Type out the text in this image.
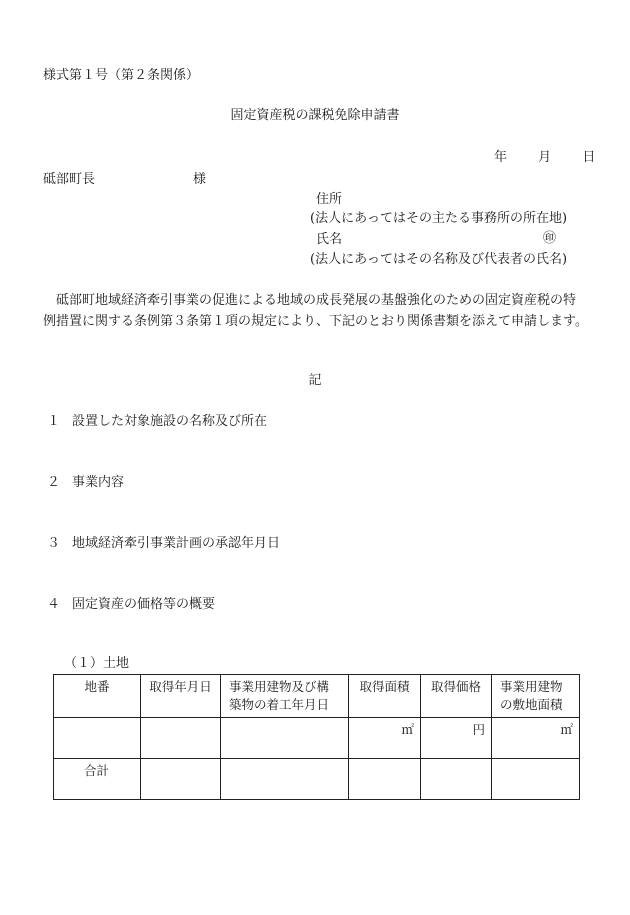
様式第１号（第２条関係）
固定資産税の課税免除申請書
年 月 日
砥部町長	様
住所
(法人にあってはその主たる事務所の所在地)
氏名	㊞
(法人にあってはその名称及び代表者の氏名)
砥部町地域経済牽引事業の促進による地域の成長発展の基盤強化のための固定資産税の特例措置に関する条例第３条第１項の規定により、下記のとおり関係書類を添えて申請します。
記
１ 設置した対象施設の名称及び所在
２ 事業内容
３ 地域経済牽引事業計画の承認年月日
４ 固定資産の価格等の概要
（１）土地
地番	取得年月日	事業用建物及び構築物の着工年月日	取得面積	取得価格	事業用建物の敷地面積
			㎡	円	㎡
合計					
